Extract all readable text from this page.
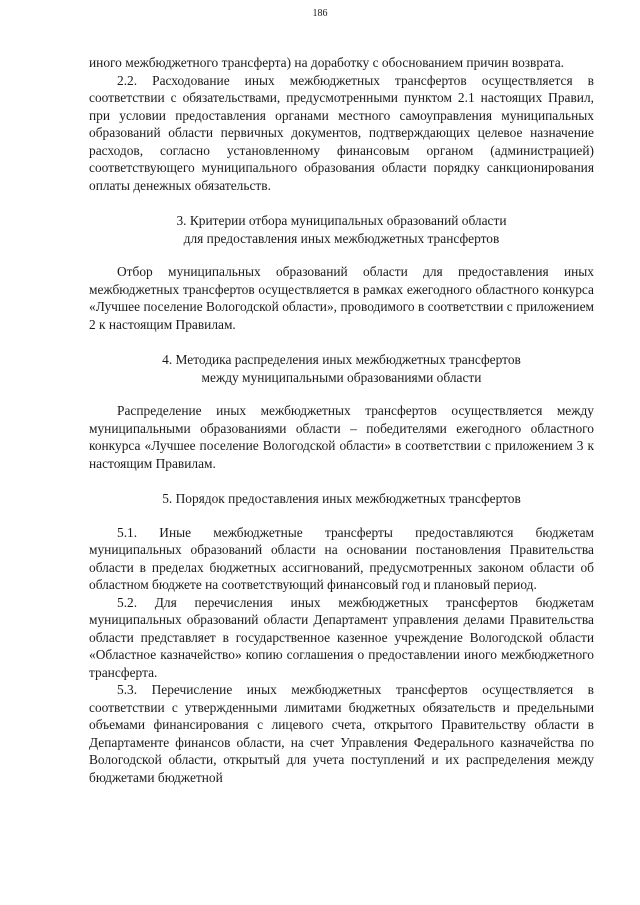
186

иного межбюджетного трансферта) на доработку с обоснованием причин возврата.

2.2. Расходование иных межбюджетных трансфертов осуществляется в соответствии с обязательствами, предусмотренными пунктом 2.1 настоящих Правил, при условии предоставления органами местного самоуправления муниципальных образований области первичных документов, подтверждающих целевое назначение расходов, согласно установленному финансовым органом (администрацией) соответствующего муниципального образования области порядку санкционирования оплаты денежных обязательств.

3. Критерии отбора муниципальных образований области
для предоставления иных межбюджетных трансфертов

Отбор муниципальных образований области для предоставления иных межбюджетных трансфертов осуществляется в рамках ежегодного областного конкурса «Лучшее поселение Вологодской области», проводимого в соответствии с приложением 2 к настоящим Правилам.

4. Методика распределения иных межбюджетных трансфертов
между муниципальными образованиями области

Распределение иных межбюджетных трансфертов осуществляется между муниципальными образованиями области – победителями ежегодного областного конкурса «Лучшее поселение Вологодской области» в соответствии с приложением 3 к настоящим Правилам.

5. Порядок предоставления иных межбюджетных трансфертов

5.1. Иные межбюджетные трансферты предоставляются бюджетам муниципальных образований области на основании постановления Правительства области в пределах бюджетных ассигнований, предусмотренных законом области об областном бюджете на соответствующий финансовый год и плановый период.

5.2. Для перечисления иных межбюджетных трансфертов бюджетам муниципальных образований области Департамент управления делами Правительства области представляет в государственное казенное учреждение Вологодской области «Областное казначейство» копию соглашения о предоставлении иного межбюджетного трансферта.

5.3. Перечисление иных межбюджетных трансфертов осуществляется в соответствии с утвержденными лимитами бюджетных обязательств и предельными объемами финансирования с лицевого счета, открытого Правительству области в Департаменте финансов области, на счет Управления Федерального казначейства по Вологодской области, открытый для учета поступлений и их распределения между бюджетами бюджетной
